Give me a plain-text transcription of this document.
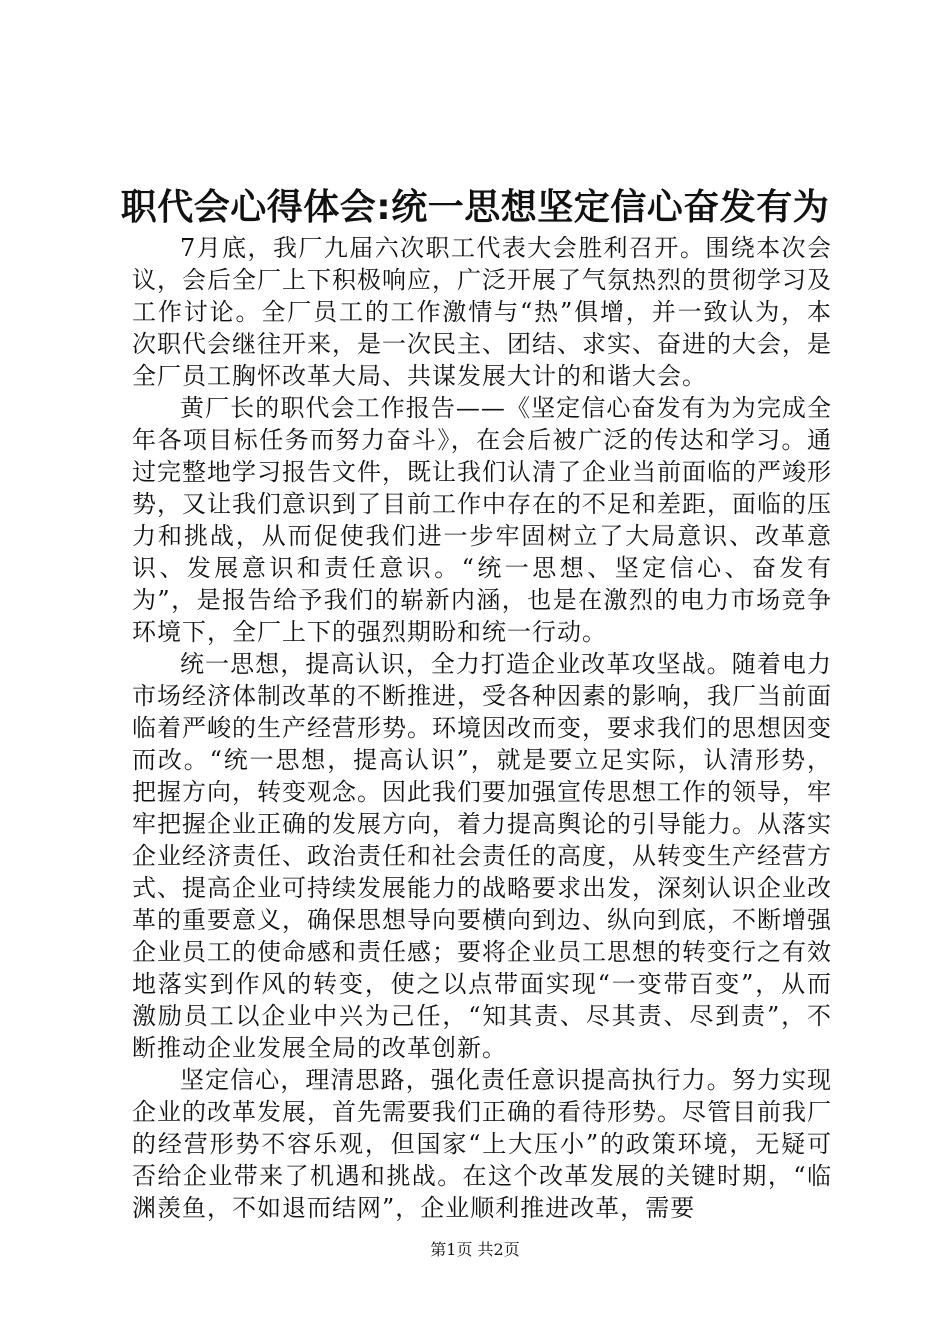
职代会心得体会:统一思想坚定信心奋发有为

7月底，我厂九届六次职工代表大会胜利召开。围绕本次会议，会后全厂上下积极响应，广泛开展了气氛热烈的贯彻学习及工作讨论。全厂员工的工作激情与“热”俱增，并一致认为，本次职代会继往开来，是一次民主、团结、求实、奋进的大会，是全厂员工胸怀改革大局、共谋发展大计的和谐大会。

黄厂长的职代会工作报告——《坚定信心奋发有为为完成全年各项目标任务而努力奋斗》，在会后被广泛的传达和学习。通过完整地学习报告文件，既让我们认清了企业当前面临的严竣形势，又让我们意识到了目前工作中存在的不足和差距，面临的压力和挑战，从而促使我们进一步牢固树立了大局意识、改革意识、发展意识和责任意识。“统一思想、坚定信心、奋发有为”，是报告给予我们的崭新内涵，也是在激烈的电力市场竞争环境下，全厂上下的强烈期盼和统一行动。

统一思想，提高认识，全力打造企业改革攻坚战。随着电力市场经济体制改革的不断推进，受各种因素的影响，我厂当前面临着严峻的生产经营形势。环境因改而变，要求我们的思想因变而改。“统一思想，提高认识”，就是要立足实际，认清形势，把握方向，转变观念。因此我们要加强宣传思想工作的领导，牢牢把握企业正确的发展方向，着力提高舆论的引导能力。从落实企业经济责任、政治责任和社会责任的高度，从转变生产经营方式、提高企业可持续发展能力的战略要求出发，深刻认识企业改革的重要意义，确保思想导向要横向到边、纵向到底，不断增强企业员工的使命感和责任感；要将企业员工思想的转变行之有效地落实到作风的转变，使之以点带面实现“一变带百变”，从而激励员工以企业中兴为己任，“知其责、尽其责、尽到责”，不断推动企业发展全局的改革创新。

坚定信心，理清思路，强化责任意识提高执行力。努力实现企业的改革发展，首先需要我们正确的看待形势。尽管目前我厂的经营形势不容乐观，但国家“上大压小”的政策环境，无疑可否给企业带来了机遇和挑战。在这个改革发展的关键时期，“临渊羡鱼，不如退而结网”，企业顺利推进改革，需要

第1页 共2页
